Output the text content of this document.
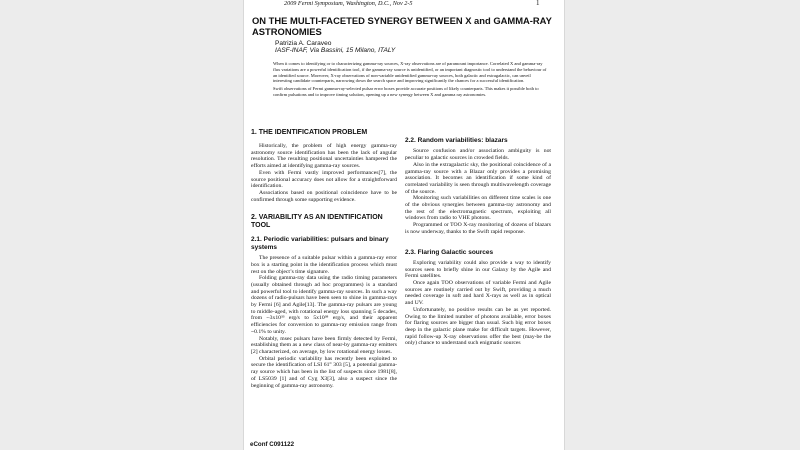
2009 Fermi Symposium, Washington, D.C., Nov 2-5	1
ON THE MULTI-FACETED SYNERGY BETWEEN X and GAMMA-RAY ASTRONOMIES
Patrizia A. Caraveo
IASF-INAF, Via Bassini, 15 Milano, ITALY

When it comes to identifying or to characterizing gamma-ray sources, X-ray observations are of paramount importance. Correlated X and gamma-ray flux variations are a powerful identification tool, if the gamma-ray source is unidentified, or an important diagnostic tool to understand the behaviour of an identified source. Moreover, X-ray observations of non-variable unidentified gamma-ray sources, both galactic and extragalactic, can unveil interesting candidate counterparts, narrowing down the search space and improving significantly the chances for a successful identification.

Swift observations of Fermi gamma-ray-selected pulsar error boxes provide accurate positions of likely counterparts. This makes it possible both to confirm pulsations and to improve timing solution, opening up a new synergy between X and gamma ray astronomies.

1. THE IDENTIFICATION PROBLEM

Historically, the problem of high energy gamma-ray astronomy source identification has been the lack of angular resolution. The resulting positional uncertainties hampered the efforts aimed at identifying gamma-ray sources.

Even with Fermi vastly improved performances[7], the source positional accuracy does not allow for a straightforward identification.

Associations based on positional coincidence have to be confirmed through some supporting evidence.

2. VARIABILITY AS AN IDENTIFICATION TOOL
2.1. Periodic variabilities: pulsars and binary systems

The presence of a suitable pulsar within a gamma-ray error box is a starting point in the identification process which must rest on the object’s time signature.

Folding gamma-ray data using the radio timing parameters (usually obtained through ad hoc programmes) is a standard and powerful tool to identify gamma-ray sources. In such a way dozens of radio-pulsars have been seen to shine in gamma-rays by Fermi [6] and Agile[13]. The gamma-ray pulsars are young to middle-aged, with rotational energy loss spanning 5 decades, from ~3x10³³ erg/s to 5x10³⁸ erg/s, and their apparent efficiencies for conversion to gamma-ray emission range from ~0.1% to unity.

Notably, msec pulsars have been firmly detected by Fermi, establishing them as a new class of near-by gamma-ray emitters [2] characterized, on average, by low rotational energy losses.

Orbital periodic variability has recently been exploited to secure the identification of LSI 61° 303 [5], a potential gamma-ray source which has been in the list of suspects since 1981[8], of LS5039 [1] and of Cyg X3[3], also a suspect since the beginning of gamma-ray astronomy.

2.2. Random variabilities: blazars

Source confusion and/or association ambiguity is not peculiar to galactic sources in crowded fields.

Also in the extragalactic sky, the positional coincidence of a gamma-ray source with a Blazar only provides a promising association. It becomes an identification if some kind of correlated variability is seen through multiwavelength coverage of the source.

Monitoring such variabilities on different time scales is one of the obvious synergies between gamma-ray astronomy and the rest of the electromagnetic spectrum, exploiting all windows from radio to VHE photons.

Programmed or TOO X-ray monitoring of dozens of blazars is now underway, thanks to the Swift rapid response.

2.3. Flaring Galactic sources

Exploring variability could also provide a way to identify sources seen to briefly shine in our Galaxy by the Agile and Fermi satellites.

Once again TOO observations of variable Fermi and Agile sources are routinely carried out by Swift, providing a much needed coverage in soft and hard X-rays as well as in optical and UV.

Unfortunately, no positive results can be as yet reported. Owing to the limited number of photons available, error boxes for flaring sources are bigger than usual. Such big error boxes deep in the galactic plane make for difficult targets. However, rapid follow-up X-ray observations offer the best (may-be the only) chance to understand such enigmatic sources

eConf C091122
